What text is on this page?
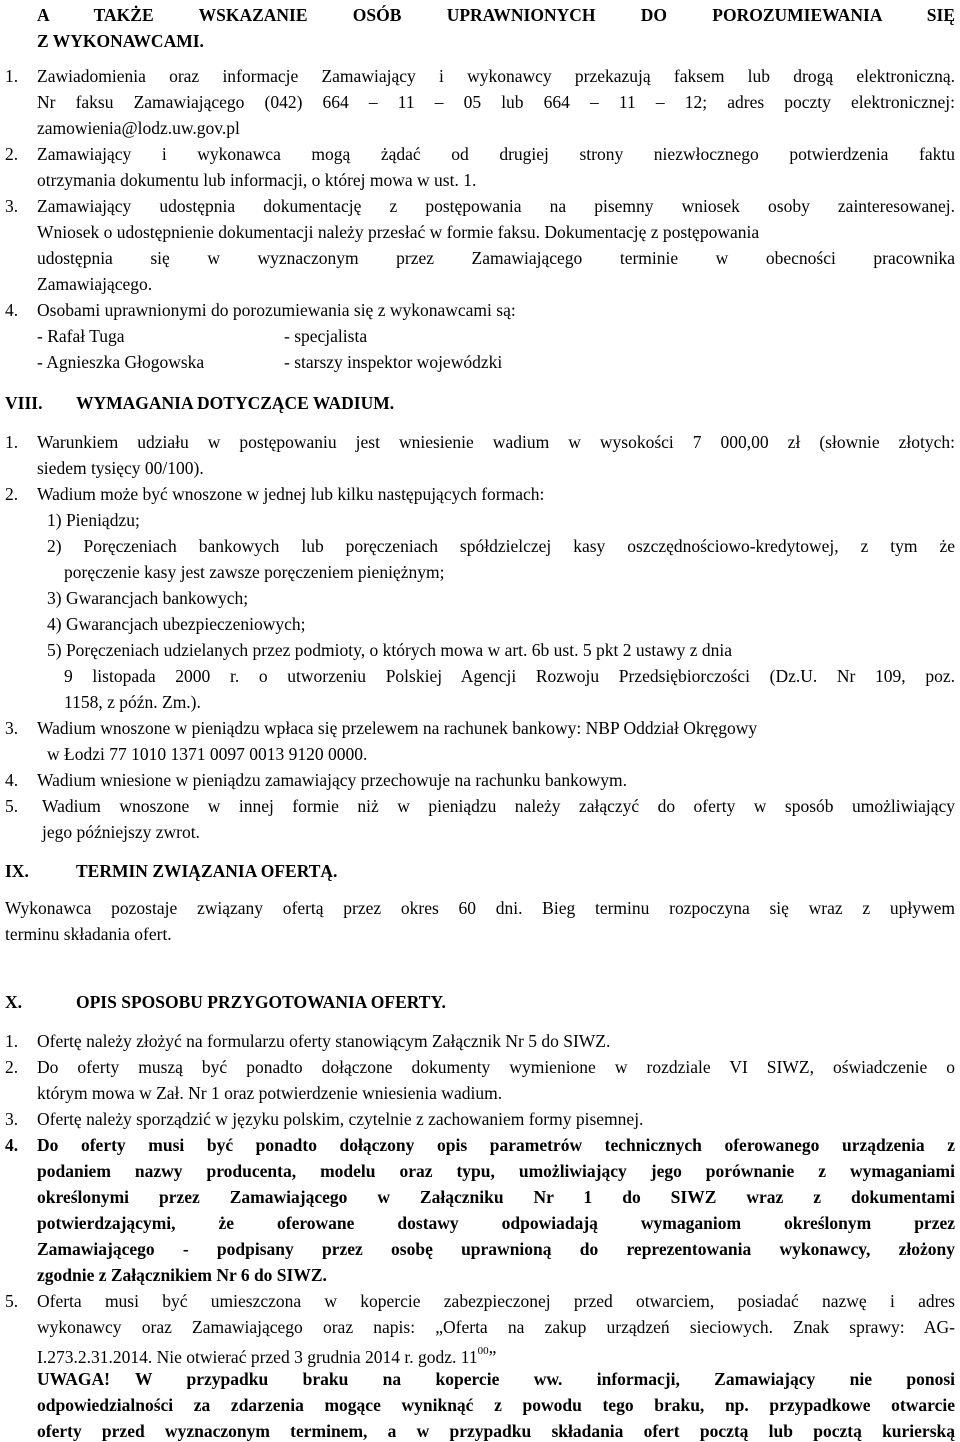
A TAKŻE WSKAZANIE OSÓB UPRAWNIONYCH DO POROZUMIEWANIA SIĘ
Z WYKONAWCAMI.
1. Zawiadomienia oraz informacje Zamawiający i wykonawcy przekazują faksem lub drogą elektroniczną.
Nr faksu Zamawiającego (042) 664 – 11 – 05 lub 664 – 11 – 12; adres poczty elektronicznej:
zamowienia@lodz.uw.gov.pl
2. Zamawiający i wykonawca mogą żądać od drugiej strony niezwłocznego potwierdzenia faktu
otrzymania dokumentu lub informacji, o której mowa w ust. 1.
3. Zamawiający udostępnia dokumentację z postępowania na pisemny wniosek osoby zainteresowanej.
Wniosek o udostępnienie dokumentacji należy przesłać w formie faksu. Dokumentację z postępowania
udostępnia się w wyznaczonym przez Zamawiającego terminie w obecności pracownika
Zamawiającego.
4. Osobami uprawnionymi do porozumiewania się z wykonawcami są:
- Rafał Tuga	- specjalista
- Agnieszka Głogowska	- starszy inspektor wojewódzki
VIII. WYMAGANIA DOTYCZĄCE WADIUM.
1. Warunkiem udziału w postępowaniu jest wniesienie wadium w wysokości 7 000,00 zł (słownie złotych:
siedem tysięcy 00/100).
2. Wadium może być wnoszone w jednej lub kilku następujących formach:
1) Pieniądzu;
2) Poręczeniach bankowych lub poręczeniach spółdzielczej kasy oszczędnościowo-kredytowej, z tym że
poręczenie kasy jest zawsze poręczeniem pieniężnym;
3) Gwarancjach bankowych;
4) Gwarancjach ubezpieczeniowych;
5) Poręczeniach udzielanych przez podmioty, o których mowa w art. 6b ust. 5 pkt 2 ustawy z dnia
9 listopada 2000 r. o utworzeniu Polskiej Agencji Rozwoju Przedsiębiorczości (Dz.U. Nr 109, poz.
1158, z późn. Zm.).
3. Wadium wnoszone w pieniądzu wpłaca się przelewem na rachunek bankowy: NBP Oddział Okręgowy
w Łodzi 77 1010 1371 0097 0013 9120 0000.
4. Wadium wniesione w pieniądzu zamawiający przechowuje na rachunku bankowym.
5. Wadium wnoszone w innej formie niż w pieniądzu należy załączyć do oferty w sposób umożliwiający
jego późniejszy zwrot.
IX.	TERMIN ZWIĄZANIA OFERTĄ.
Wykonawca pozostaje związany ofertą przez okres 60 dni. Bieg terminu rozpoczyna się wraz z upływem
terminu składania ofert.
X.	OPIS SPOSOBU PRZYGOTOWANIA OFERTY.
1. Ofertę należy złożyć na formularzu oferty stanowiącym Załącznik Nr 5 do SIWZ.
2. Do oferty muszą być ponadto dołączone dokumenty wymienione w rozdziale VI SIWZ, oświadczenie o
którym mowa w Zał. Nr 1 oraz potwierdzenie wniesienia wadium.
3. Ofertę należy sporządzić w języku polskim, czytelnie z zachowaniem formy pisemnej.
4. Do oferty musi być ponadto dołączony opis parametrów technicznych oferowanego urządzenia z
podaniem nazwy producenta, modelu oraz typu, umożliwiający jego porównanie z wymaganiami
określonymi przez Zamawiającego w Załączniku Nr 1 do SIWZ wraz z dokumentami
potwierdzającymi, że oferowane dostawy odpowiadają wymaganiom określonym przez
Zamawiającego - podpisany przez osobę uprawnioną do reprezentowania wykonawcy, złożony
zgodnie z Załącznikiem Nr 6 do SIWZ.
5. Oferta musi być umieszczona w kopercie zabezpieczonej przed otwarciem, posiadać nazwę i adres
wykonawcy oraz Zamawiającego oraz napis: „Oferta na zakup urządzeń sieciowych. Znak sprawy: AG-
I.273.2.31.2014. Nie otwierać przed 3 grudnia 2014 r. godz. $11^{00}$”
UWAGA! W przypadku braku na kopercie ww. informacji, Zamawiający nie ponosi
odpowiedzialności za zdarzenia mogące wyniknąć z powodu tego braku, np. przypadkowe otwarcie
oferty przed wyznaczonym terminem, a w przypadku składania ofert pocztą lub pocztą kurierską
